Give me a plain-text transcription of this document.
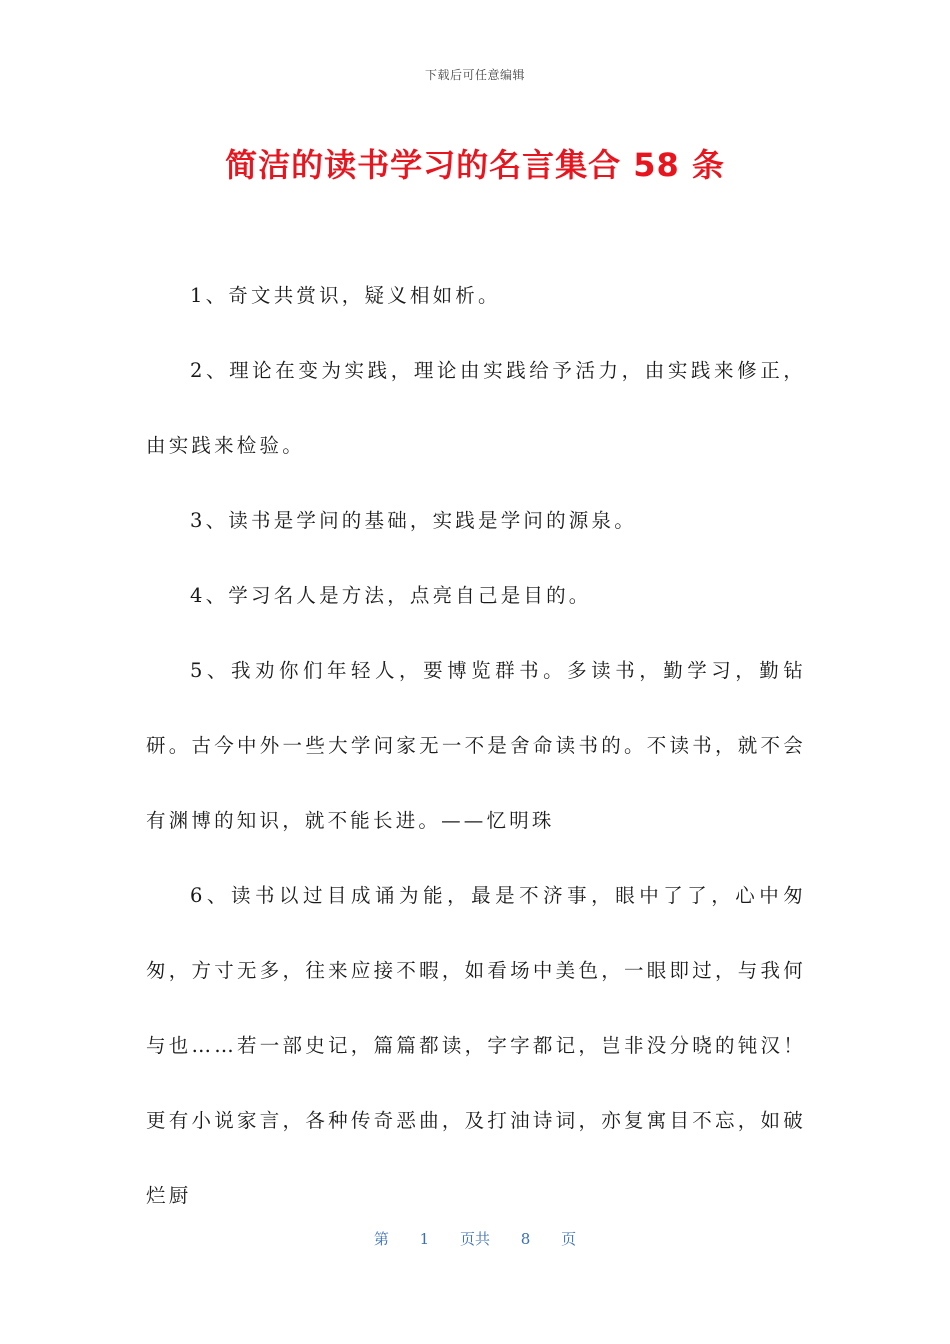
下载后可任意编辑
简洁的读书学习的名言集合 58 条

1、奇文共赏识，疑义相如析。

2、理论在变为实践，理论由实践给予活力，由实践来修正，由实践来检验。

3、读书是学问的基础，实践是学问的源泉。

4、学习名人是方法，点亮自己是目的。

5、我劝你们年轻人，要博览群书。多读书，勤学习，勤钻研。古今中外一些大学问家无一不是舍命读书的。不读书，就不会有渊博的知识，就不能长进。——忆明珠

6、读书以过目成诵为能，最是不济事，眼中了了，心中匆匆，方寸无多，往来应接不暇，如看场中美色，一眼即过，与我何与也……若一部史记，篇篇都读，字字都记，岂非没分晓的钝汉！更有小说家言，各种传奇恶曲，及打油诗词，亦复寓目不忘，如破烂厨

第 1 页共 8 页
